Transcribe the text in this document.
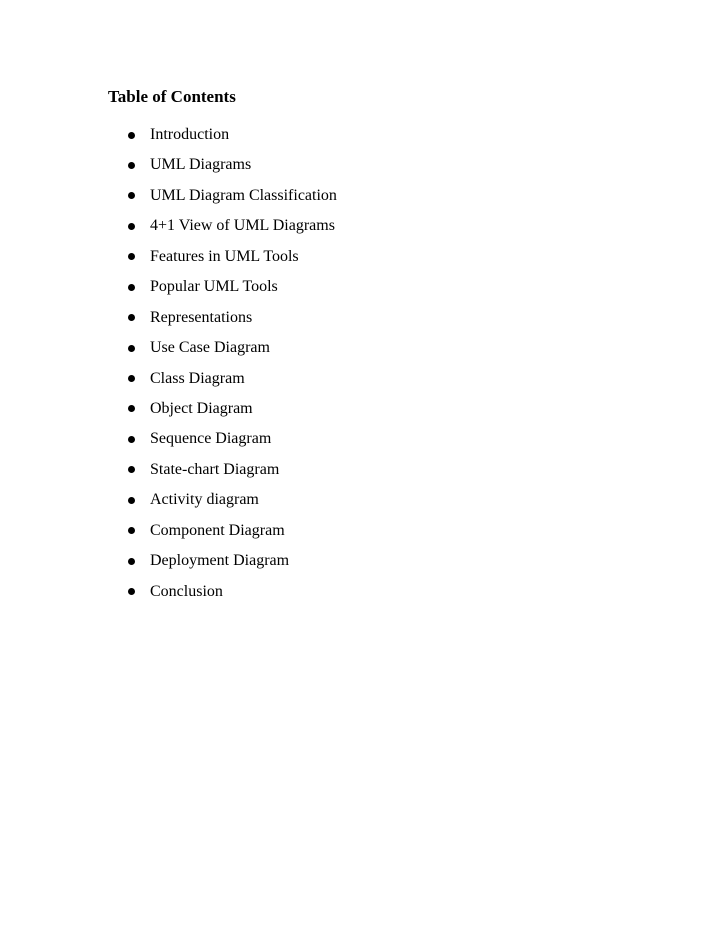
Table of Contents
Introduction
UML Diagrams
UML Diagram Classification
4+1 View of UML Diagrams
Features in UML Tools
Popular UML Tools
Representations
Use Case Diagram
Class Diagram
Object Diagram
Sequence Diagram
State-chart Diagram
Activity diagram
Component Diagram
Deployment Diagram
Conclusion
